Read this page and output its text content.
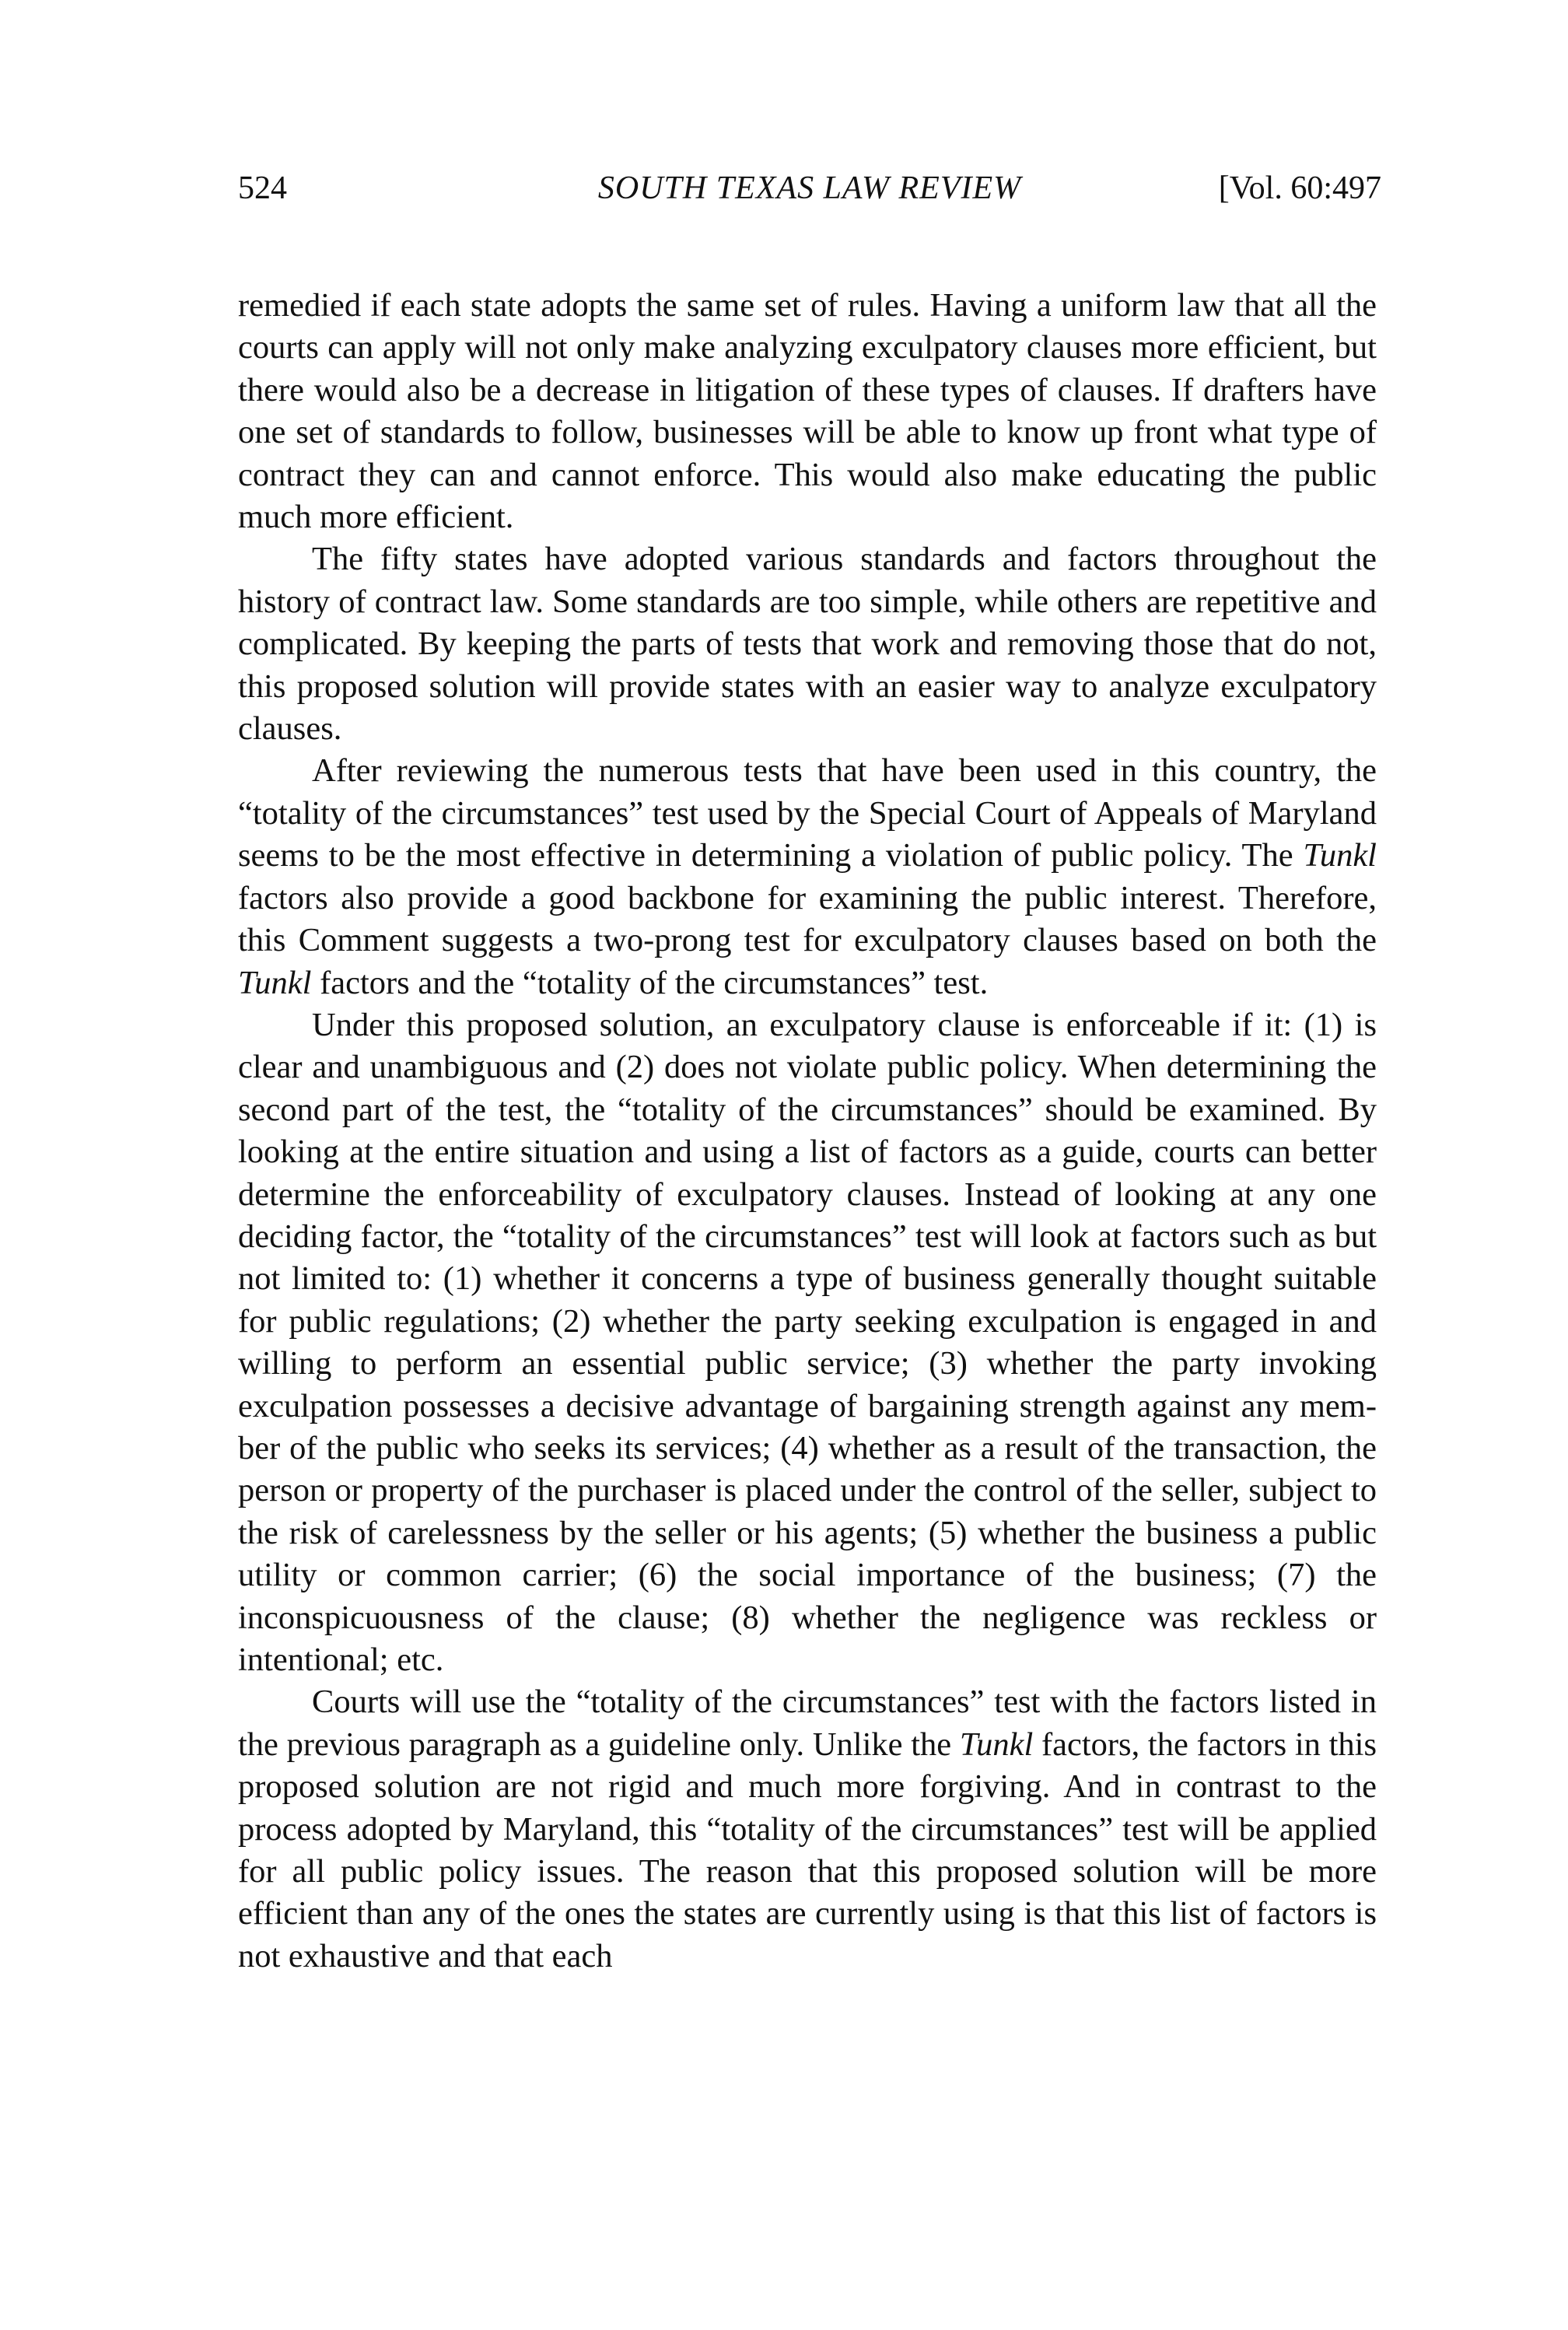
524	SOUTH TEXAS LAW REVIEW	[Vol. 60:497

remedied if each state adopts the same set of rules. Having a uniform law that all the courts can apply will not only make analyzing exculpatory clauses more efficient, but there would also be a decrease in litigation of these types of clauses. If drafters have one set of standards to follow, businesses will be able to know up front what type of contract they can and cannot enforce. This would also make educating the public much more efficient.

The fifty states have adopted various standards and factors throughout the history of contract law. Some standards are too simple, while others are repetitive and complicated. By keeping the parts of tests that work and removing those that do not, this proposed solution will provide states with an easier way to analyze exculpatory clauses.

After reviewing the numerous tests that have been used in this country, the “totality of the circumstances” test used by the Special Court of Appeals of Maryland seems to be the most effective in determining a violation of public policy. The Tunkl factors also provide a good backbone for examining the public interest. Therefore, this Comment suggests a two-prong test for exculpatory clauses based on both the Tunkl factors and the “totality of the circumstances” test.

Under this proposed solution, an exculpatory clause is enforceable if it: (1) is clear and unambiguous and (2) does not violate public policy. When determining the second part of the test, the “totality of the circumstances” should be examined. By looking at the entire situation and using a list of factors as a guide, courts can better determine the enforceability of exculpatory clauses. Instead of looking at any one deciding factor, the “totality of the circumstances” test will look at factors such as but not limited to: (1) whether it concerns a type of business generally thought suitable for public regulations; (2) whether the party seeking exculpation is engaged in and willing to perform an essential public service; (3) whether the party invoking exculpation possesses a decisive advantage of bargaining strength against any member of the public who seeks its services; (4) whether as a result of the transaction, the person or property of the purchaser is placed under the control of the seller, subject to the risk of carelessness by the seller or his agents; (5) whether the business a public utility or common carrier; (6) the social importance of the business; (7) the inconspicuousness of the clause; (8) whether the negligence was reckless or intentional; etc.

Courts will use the “totality of the circumstances” test with the factors listed in the previous paragraph as a guideline only. Unlike the Tunkl factors, the factors in this proposed solution are not rigid and much more forgiving. And in contrast to the process adopted by Maryland, this “totality of the circumstances” test will be applied for all public policy issues. The reason that this proposed solution will be more efficient than any of the ones the states are currently using is that this list of factors is not exhaustive and that each
